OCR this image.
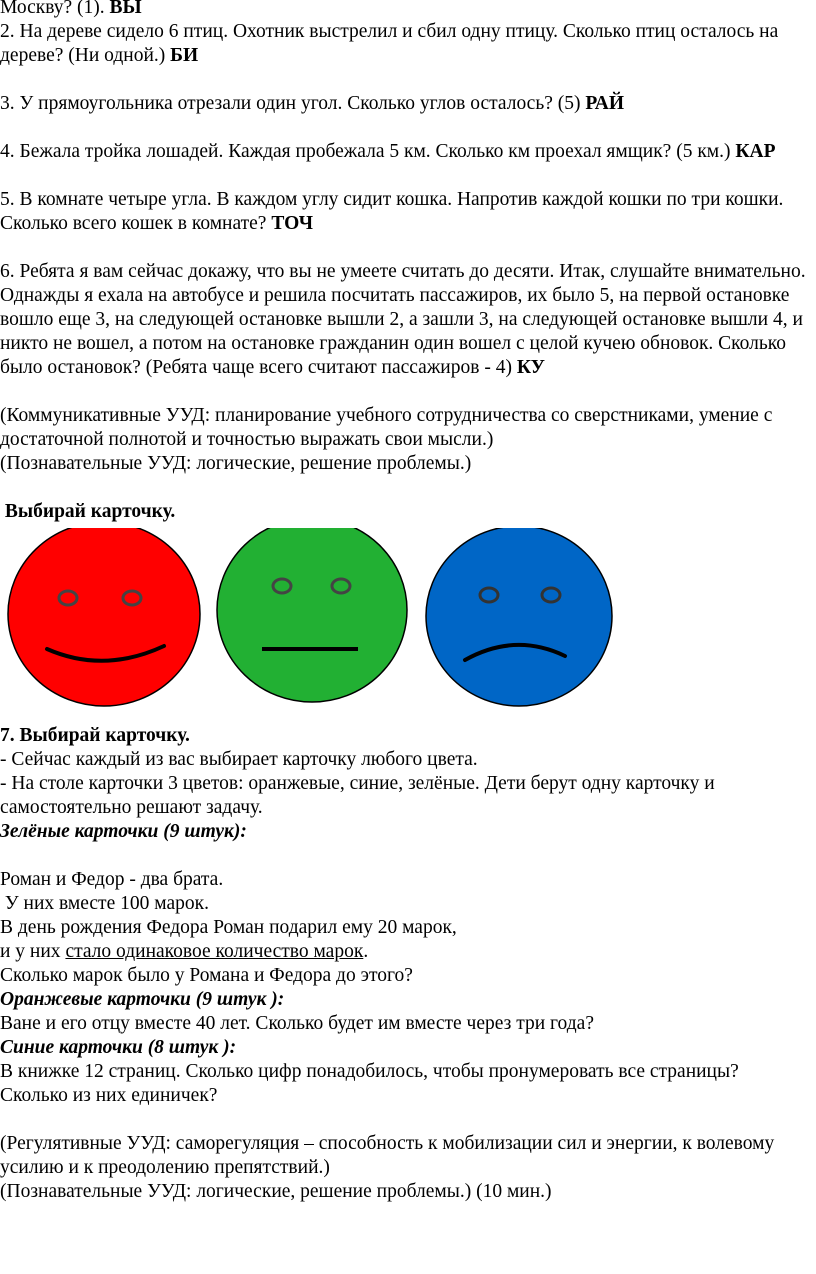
Москву? (1). ВЫ

2. На дереве сидело 6 птиц. Охотник выстрелил и сбил одну птицу. Сколько птиц осталось на дереве? (Ни одной.) БИ

3. У прямоугольника отрезали один угол. Сколько углов осталось? (5) РАЙ

4. Бежала тройка лошадей. Каждая пробежала 5 км. Сколько км проехал ямщик? (5 км.) КАР

5. В комнате четыре угла. В каждом углу сидит кошка. Напротив каждой кошки по три кошки. Сколько всего кошек в комнате? ТОЧ

6. Ребята я вам сейчас докажу, что вы не умеете считать до десяти. Итак, слушайте внимательно. Однажды я ехала на автобусе и решила посчитать пассажиров, их было 5, на первой остановке вошло еще 3, на следующей остановке вышли 2, а зашли 3, на следующей остановке вышли 4, и никто не вошел, а потом на остановке гражданин один вошел с целой кучею обновок. Сколько было остановок? (Ребята чаще всего считают пассажиров - 4) КУ

(Коммуникативные УУД: планирование учебного сотрудничества со сверстниками, умение с достаточной полнотой и точностью выражать свои мысли.)

(Познавательные УУД: логические, решение проблемы.)

Выбирай карточку.

7. Выбирай карточку.

- Сейчас каждый из вас выбирает карточку любого цвета.

- На столе карточки 3 цветов: оранжевые, синие, зелёные. Дети берут одну карточку и самостоятельно решают задачу.

Зелёные карточки (9 штук):

Роман и Федор - два брата.

У них вместе 100 марок.

В день рождения Федора Роман подарил ему 20 марок,

и у них стало одинаковое количество марок.

Сколько марок было у Романа и Федора до этого?

Оранжевые карточки (9 штук ):

Ване и его отцу вместе 40 лет. Сколько будет им вместе через три года?

Синие карточки (8 штук ):

В книжке 12 страниц. Сколько цифр понадобилось, чтобы пронумеровать все страницы?

Сколько из них единичек?

(Регулятивные УУД: саморегуляция – способность к мобилизации сил и энергии, к волевому усилию и к преодолению препятствий.)

(Познавательные УУД: логические, решение проблемы.) (10 мин.)
